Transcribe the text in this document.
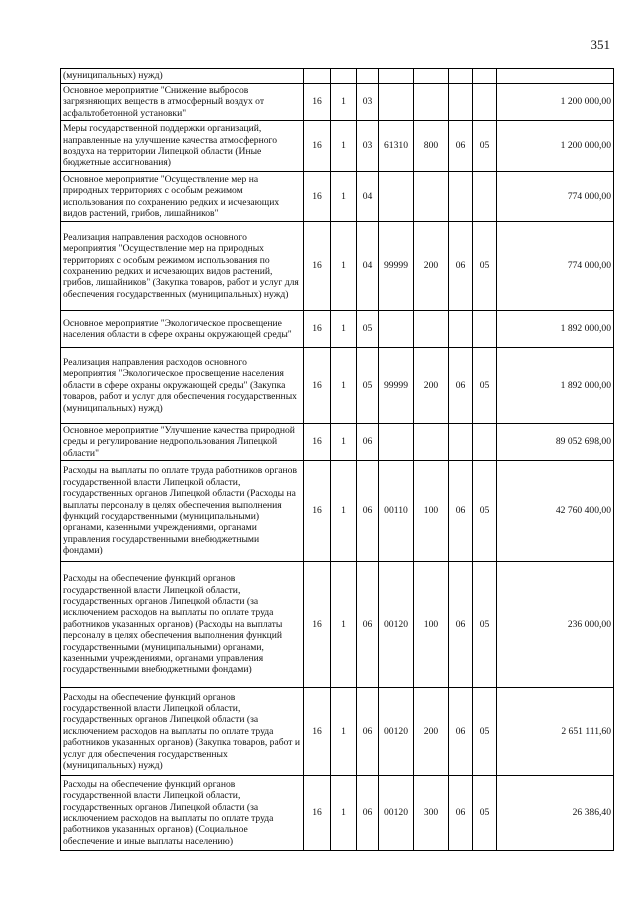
351
(муниципальных) нужд)								
Основное мероприятие "Снижение выбросов загрязняющих веществ в атмосферный воздух от асфальтобетонной установки"	16	1	03					1 200 000,00
Меры государственной поддержки организаций, направленные на улучшение качества атмосферного воздуха на территории Липецкой области (Иные бюджетные ассигнования)	16	1	03	61310	800	06	05	1 200 000,00
Основное мероприятие "Осуществление мер на природных территориях с особым режимом использования по сохранению редких и исчезающих видов растений, грибов, лишайников"	16	1	04					774 000,00
Реализация направления расходов основного мероприятия "Осуществление мер на природных территориях с особым режимом использования по сохранению редких и исчезающих видов растений, грибов, лишайников" (Закупка товаров, работ и услуг для обеспечения государственных (муниципальных) нужд)	16	1	04	99999	200	06	05	774 000,00
Основное мероприятие "Экологическое просвещение населения области в сфере охраны окружающей среды"	16	1	05					1 892 000,00
Реализация направления расходов основного мероприятия "Экологическое просвещение населения области в сфере охраны окружающей среды" (Закупка товаров, работ и услуг для обеспечения государственных (муниципальных) нужд)	16	1	05	99999	200	06	05	1 892 000,00
Основное мероприятие "Улучшение качества природной среды и регулирование недропользования Липецкой области"	16	1	06					89 052 698,00
Расходы на выплаты по оплате труда работников органов государственной власти Липецкой области, государственных органов Липецкой области (Расходы на выплаты персоналу в целях обеспечения выполнения функций государственными (муниципальными) органами, казенными учреждениями, органами управления государственными внебюджетными фондами)	16	1	06	00110	100	06	05	42 760 400,00
Расходы на обеспечение функций органов государственной власти Липецкой области, государственных органов Липецкой области (за исключением расходов на выплаты по оплате труда работников указанных органов) (Расходы на выплаты персоналу в целях обеспечения выполнения функций государственными (муниципальными) органами, казенными учреждениями, органами управления государственными внебюджетными фондами)	16	1	06	00120	100	06	05	236 000,00
Расходы на обеспечение функций органов государственной власти Липецкой области, государственных органов Липецкой области (за исключением расходов на выплаты по оплате труда работников указанных органов) (Закупка товаров, работ и услуг для обеспечения государственных (муниципальных) нужд)	16	1	06	00120	200	06	05	2 651 111,60
Расходы на обеспечение функций органов государственной власти Липецкой области, государственных органов Липецкой области (за исключением расходов на выплаты по оплате труда работников указанных органов) (Социальное обеспечение и иные выплаты населению)	16	1	06	00120	300	06	05	26 386,40
